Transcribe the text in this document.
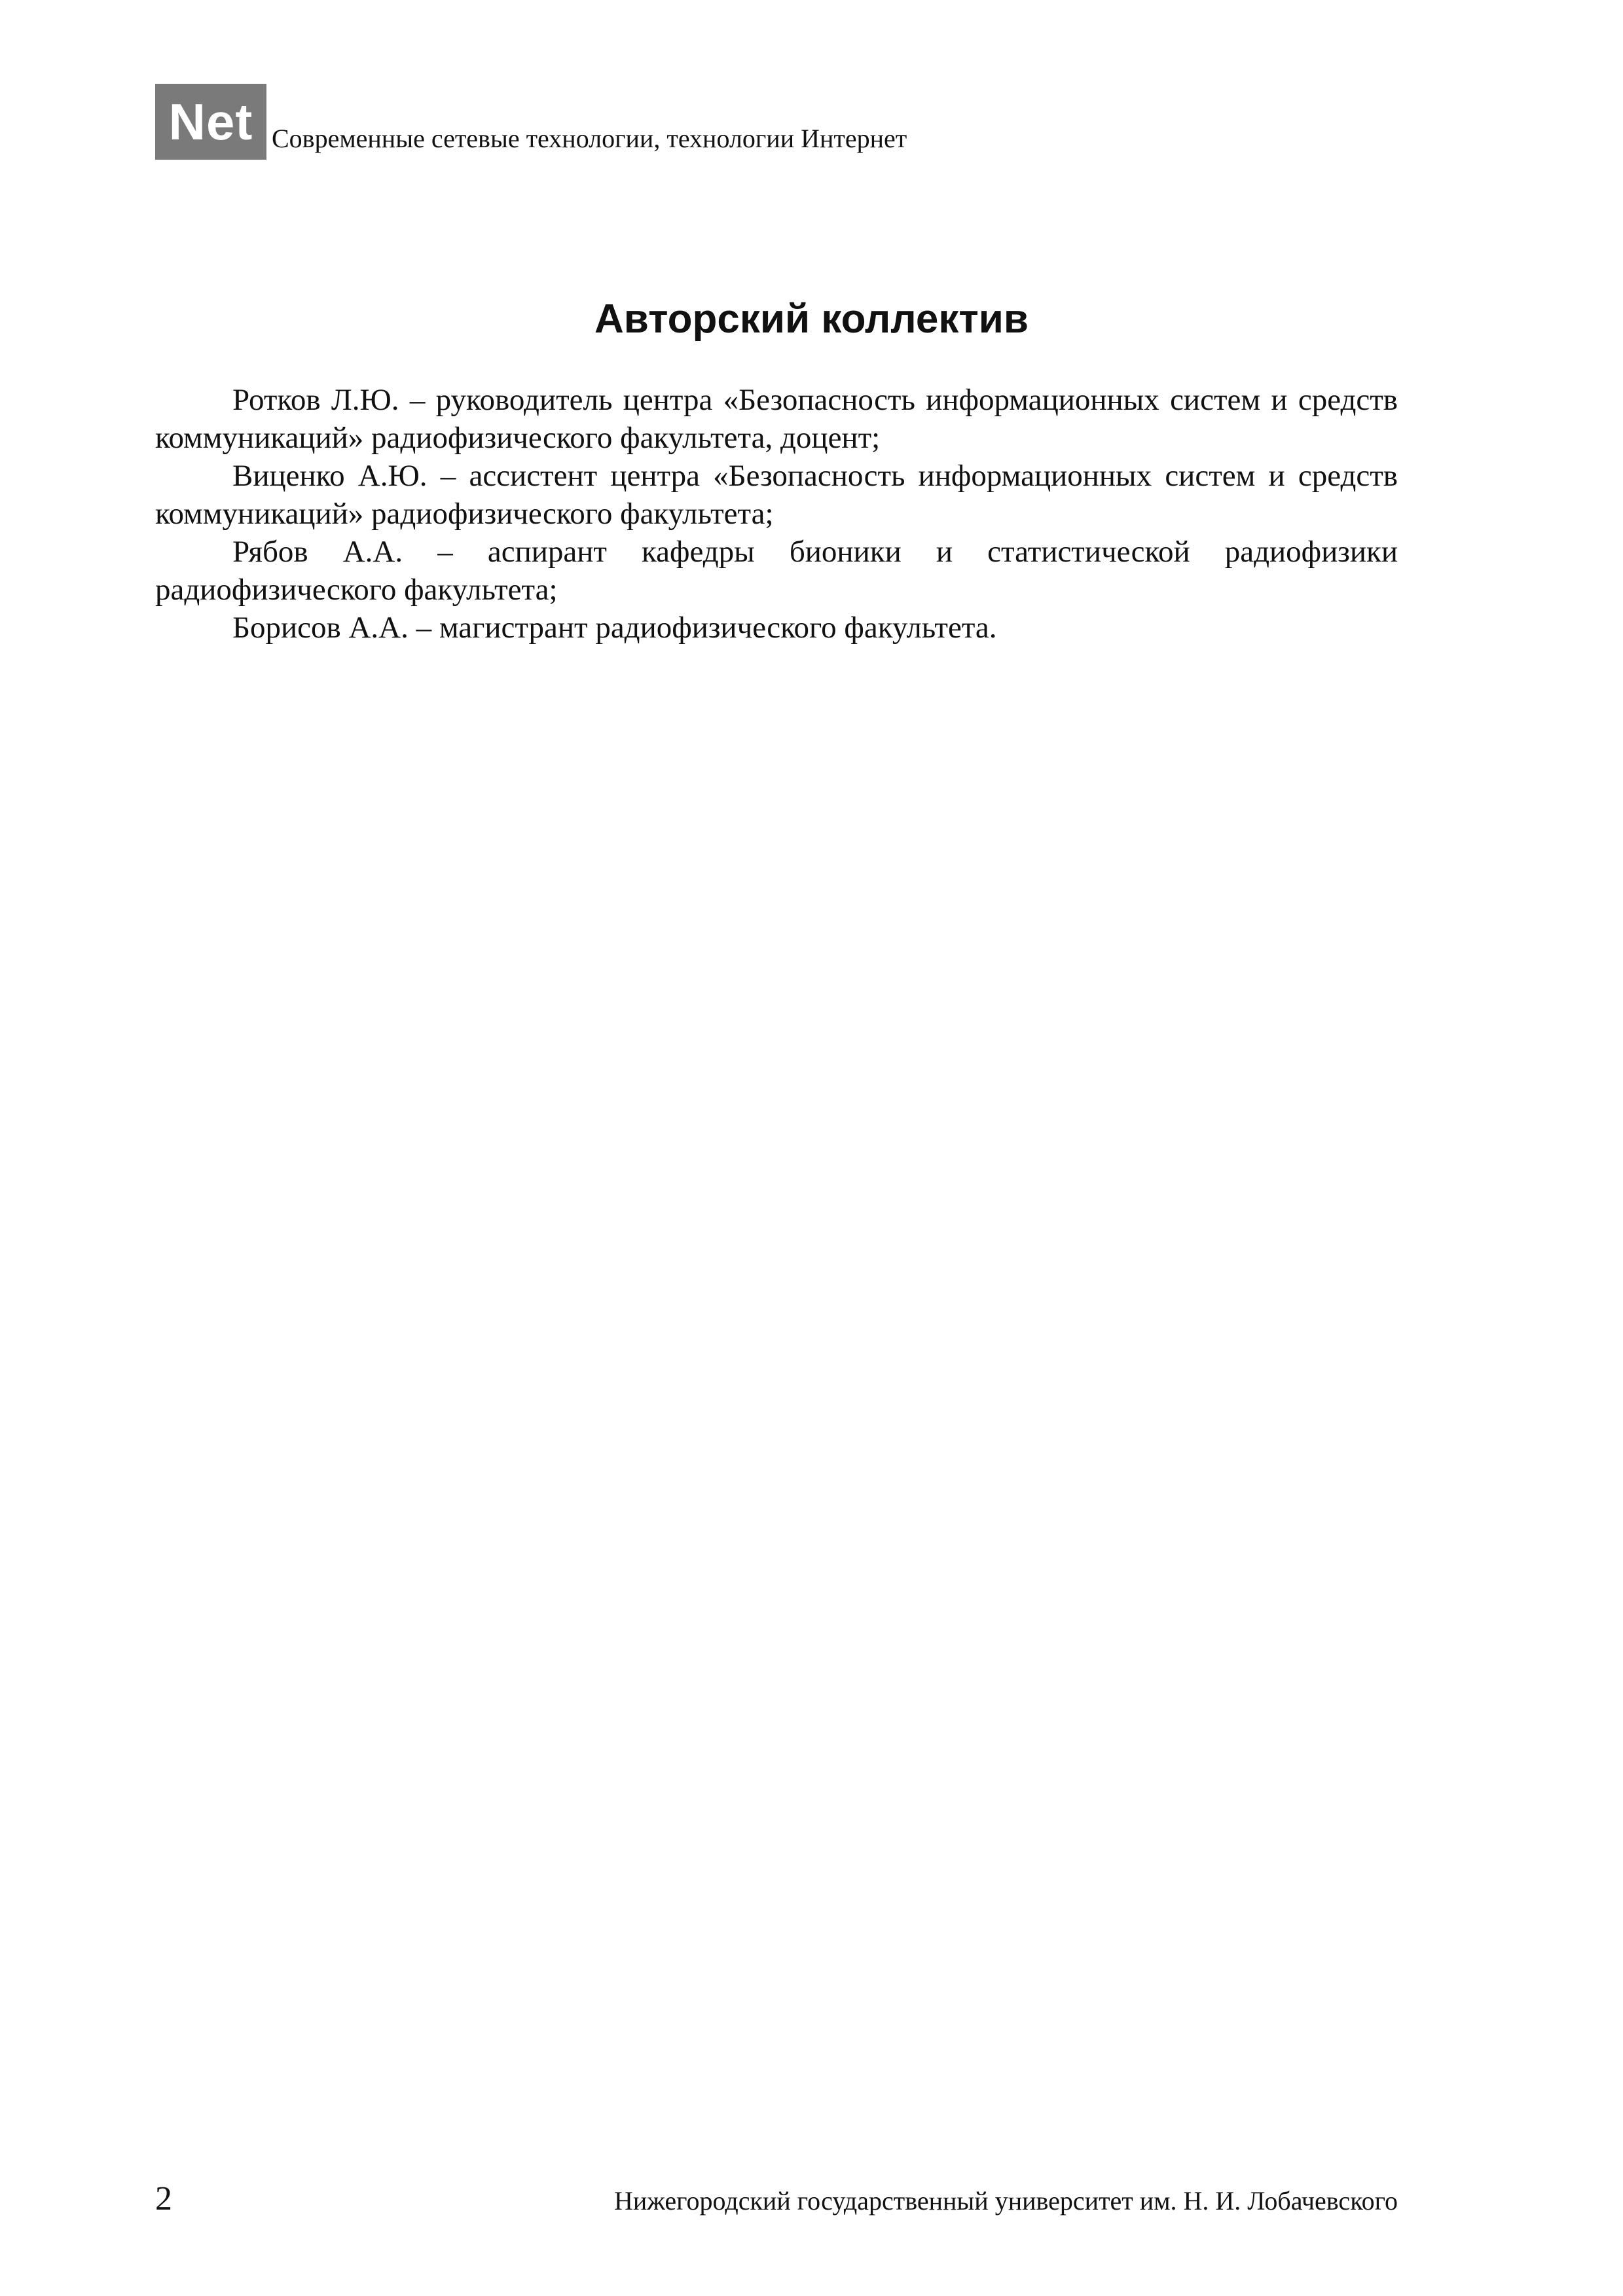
Net Современные сетевые технологии, технологии Интернет
Авторский коллектив

Ротков Л.Ю. – руководитель центра «Безопасность информационных систем и средств коммуникаций» радиофизического факультета, доцент;

Виценко А.Ю. – ассистент центра «Безопасность информационных систем и средств коммуникаций» радиофизического факультета;

Рябов А.А. – аспирант кафедры бионики и статистической радиофизики радиофизического факультета;

Борисов А.А. – магистрант радиофизического факультета.

2	Нижегородский государственный университет им. Н. И. Лобачевского
